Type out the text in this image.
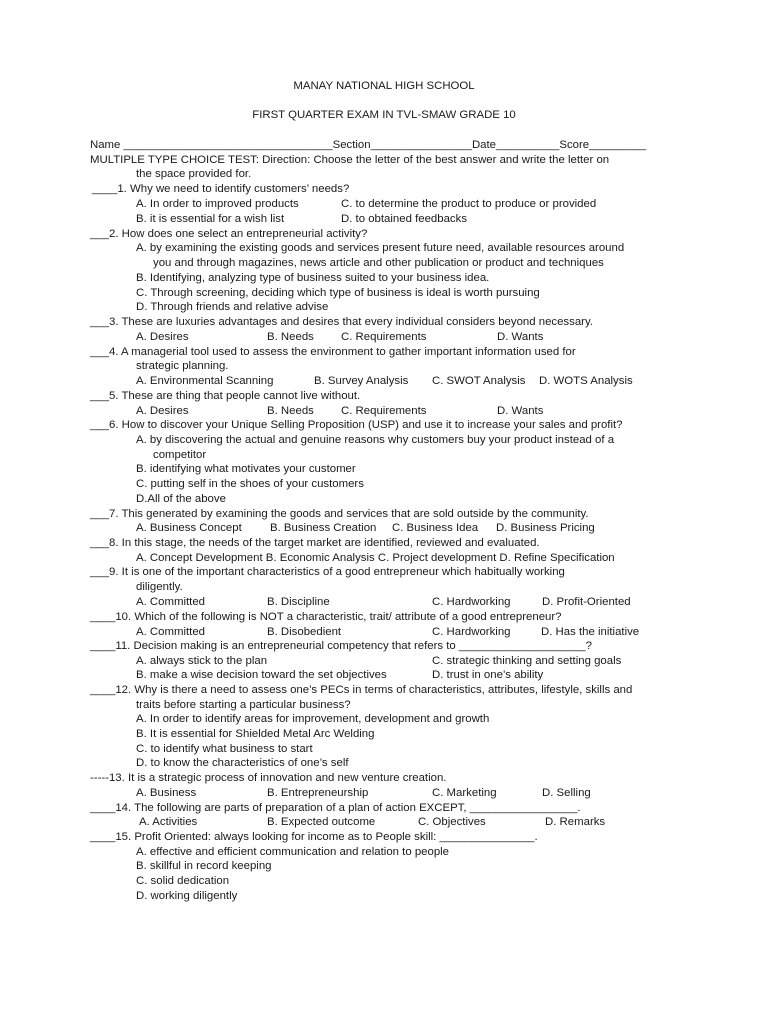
MANAY NATIONAL HIGH SCHOOL
FIRST QUARTER EXAM IN TVL-SMAW GRADE 10
Name _________________________________Section________________Date__________Score_________
MULTIPLE TYPE CHOICE TEST: Direction: Choose the letter of the best answer and write the letter on
the space provided for.
____1. Why we need to identify customers’ needs?
A. In order to improved products	C. to determine the product to produce or provided
B. it is essential for a wish list	D. to obtained feedbacks
___2. How does one select an entrepreneurial activity?
A. by examining the existing goods and services present future need, available resources around
you and through magazines, news article and other publication or product and techniques
B. Identifying, analyzing type of business suited to your business idea.
C. Through screening, deciding which type of business is ideal is worth pursuing
D. Through friends and relative advise
___3. These are luxuries advantages and desires that every individual considers beyond necessary.
A. Desires	B. Needs C. Requirements	D. Wants
___4. A managerial tool used to assess the environment to gather important information used for
strategic planning.
A. Environmental Scanning	B. Survey Analysis C. SWOT Analysis D. WOTS Analysis
___5. These are thing that people cannot live without.
A. Desires	B. Needs C. Requirements	D. Wants
___6. How to discover your Unique Selling Proposition (USP) and use it to increase your sales and profit?
A. by discovering the actual and genuine reasons why customers buy your product instead of a
competitor
B. identifying what motivates your customer
C. putting self in the shoes of your customers
D.All of the above
___7. This generated by examining the goods and services that are sold outside by the community.
A. Business Concept B. Business Creation C. Business Idea D. Business Pricing
___8. In this stage, the needs of the target market are identified, reviewed and evaluated.
A. Concept Development B. Economic Analysis C. Project development D. Refine Specification
___9. It is one of the important characteristics of a good entrepreneur which habitually working
diligently.
A. Committed	B. Discipline	C. Hardworking	D. Profit-Oriented
____10. Which of the following is NOT a characteristic, trait/ attribute of a good entrepreneur?
A. Committed	B. Disobedient	C. Hardworking	D. Has the initiative
____11. Decision making is an entrepreneurial competency that refers to ____________________?
A. always stick to the plan	C. strategic thinking and setting goals
B. make a wise decision toward the set objectives	D. trust in one’s ability
____12. Why is there a need to assess one’s PECs in terms of characteristics, attributes, lifestyle, skills and
traits before starting a particular business?
A. In order to identify areas for improvement, development and growth
B. It is essential for Shielded Metal Arc Welding
C. to identify what business to start
D. to know the characteristics of one’s self
-----13. It is a strategic process of innovation and new venture creation.
A. Business	B. Entrepreneurship	C. Marketing	D. Selling
____14. The following are parts of preparation of a plan of action EXCEPT, _________________.
A. Activities	B. Expected outcome	C. Objectives	D. Remarks
____15. Profit Oriented: always looking for income as to People skill: _______________.
A. effective and efficient communication and relation to people
B. skillful in record keeping
C. solid dedication
D. working diligently
